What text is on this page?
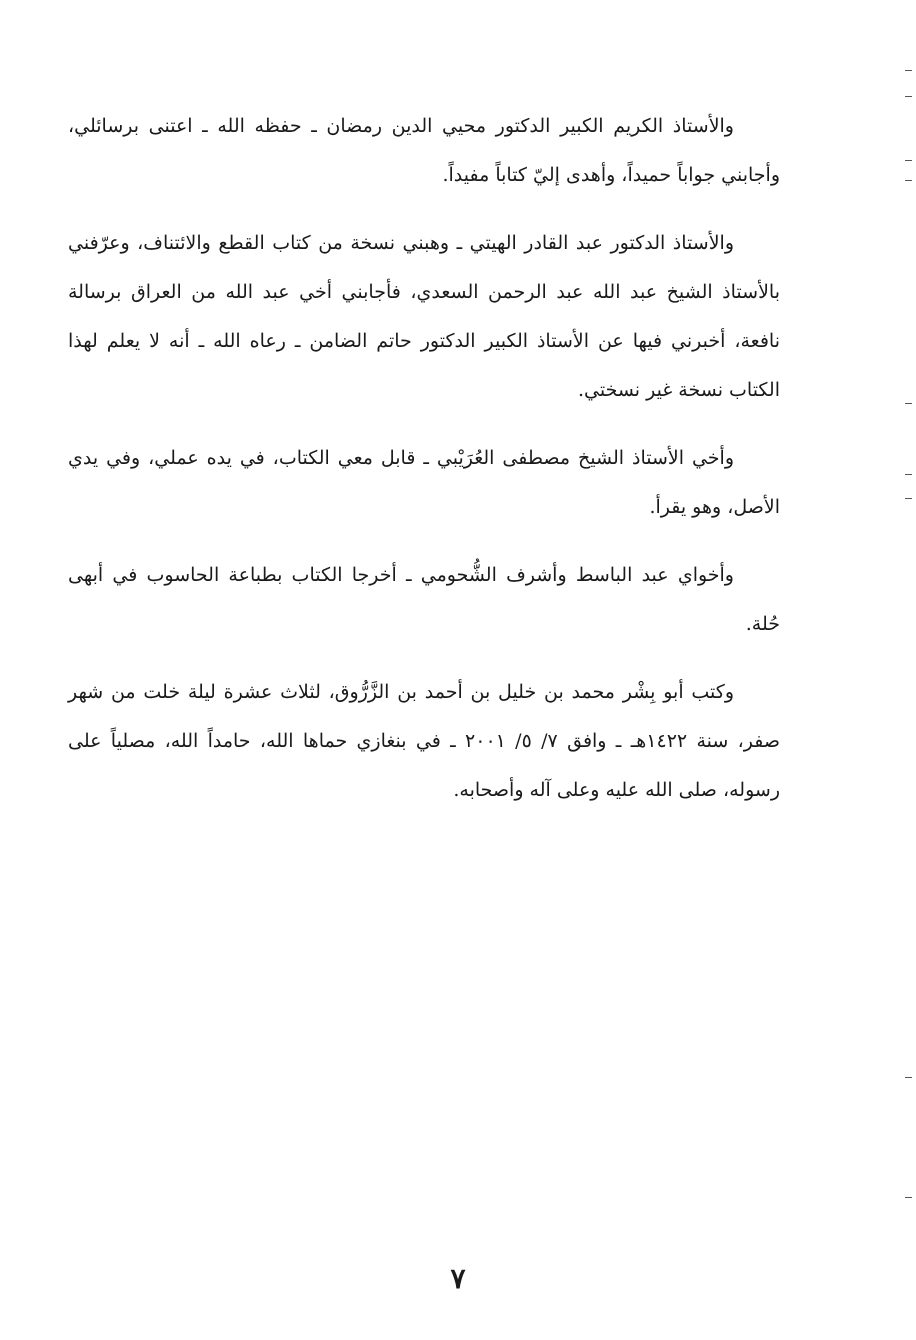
والأستاذ الكريم الكبير الدكتور محيي الدين رمضان ـ حفظه الله ـ اعتنى برسائلي، وأجابني جواباً حميداً، وأهدى إليّ كتاباً مفيداً.

والأستاذ الدكتور عبد القادر الهيتي ـ وهبني نسخة من كتاب القطع والائتناف، وعرّفني بالأستاذ الشيخ عبد الله عبد الرحمن السعدي، فأجابني أخي عبد الله من العراق برسالة نافعة، أخبرني فيها عن الأستاذ الكبير الدكتور حاتم الضامن ـ رعاه الله ـ أنه لا يعلم لهذا الكتاب نسخة غير نسختي.

وأخي الأستاذ الشيخ مصطفى العُرَيْبي ـ قابل معي الكتاب، في يده عملي، وفي يدي الأصل، وهو يقرأ.

وأخواي عبد الباسط وأشرف الشُّحومي ـ أخرجا الكتاب بطباعة الحاسوب في أبهى حُلة.

وكتب أبو بِشْر محمد بن خليل بن أحمد بن الزَّرُّوق، لثلاث عشرة ليلة خلت من شهر صفر، سنة ١٤٢٢هـ ـ وافق ٧/ ٥/ ٢٠٠١ ـ في بنغازي حماها الله، حامداً الله، مصلياً على رسوله، صلى الله عليه وعلى آله وأصحابه.

٧
